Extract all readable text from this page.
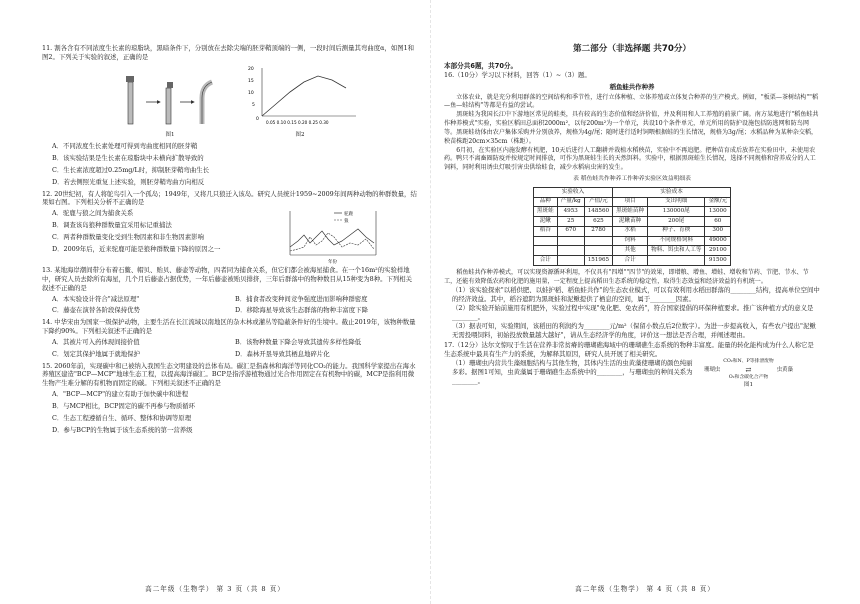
11. 割各含有不同浓度生长素的琼脂块，黑暗条件下，分别放在去除尖端的胚芽鞘顶端的一侧，一段时间后测量其弯曲度α，如图1和图2。下列关于实验的叙述，正确的是
图1
20
15
10
5
0
0.05 0.10 0.15 0.20 0.25 0.30
图2
A．不同浓度生长素处理可得到弯曲度相同的胚芽鞘
B．该实验结果是生长素在琼脂块中未横向扩散导致的
C．生长素浓度超过0.25mg/L时，抑制胚芽鞘弯曲生长
D．若去侧照光重复上述实验，则胚芽鞘弯曲方向相反
12. 20世纪初，有人将鸵鸟引入一个孤岛；1949年，又将几只狼迁入该岛。研究人员统计1959~2009年间两种动物的种群数量，结果如右图。下列相关分析不正确的是
A．驼鹿与狼之间为捕食关系
B．调查该岛狼种群数量宜采用标记重捕法
C．两者种群数量变化受到生物因素和非生物因素影响
D．2009年后，近来驼鹿可能是狼种群数量下降的原因之一
驼鹿
狼
年份
13. 某地海岸潮间带分布着石鳖、帽贝、贻贝、藤壶等动物，四者同为捕食关系，但它们都会被海星捕食。在一个16m²的实验样地中，研究人员去除所有海星，几个月后藤壶占据优势，一年后藤壶被贻贝排挤，三年后群落中的物种数目从15种变为8种。下列相关叙述不正确的是
A．本实验设计符合"减法原理"	B．捕食者改变种间竞争强度进而影响种群密度
C．藤壶在演替各阶段保持优势	D．移除海星导致该生态群落的物种丰富度下降
14. 中华宋由为国家一级保护动物，主要生活在长江流域以南地区的杂木林或灌丛等隐蔽条件好的生境中。截止2019年，该物种数量下降约90%。下列相关叙述不正确的是
A．其被片可入药体现间接价值	B．该物种数量下降会导致其遗传多样性降低
C．划定其保护地属于就地保护	D．森林开垦导致其栖息地碎片化
15. 2060年前，实现碳中和已被纳入我国生态文明建设的总体布局。碳汇是指森林和海洋等同化CO₂的能力。我国科学家提出在海水养殖区建造"BCP—MCP"地球生态工程，以提高海洋碳汇。BCP是指浮游植物通过光合作用固定在有机物中的碳，MCP是指利用微生物产生难分解的有机物而固定的碳。下列相关叙述不正确的是
A．"BCP—MCP"的建立有助于加快碳中和进程
B．与MCP相比，BCP固定的碳不再参与物质循环
C．生态工程遵循自生、循环、整体和协调等原理
D．参与BCP的生物属于该生态系统的第一营养级
高二年级（生物学） 第 3 页（共 8 页）
第二部分（非选择题 共70分）
本部分共6题，共70分。
16.（10分）学习以下材料，回答（1）~（3）题。
稻鱼蛙共作种养
立体农业，就是充分利用群落的空间结构和季节性，进行立体种植、立体养殖或立体复合种养的生产模式。例如，"板栗—茶树结构""稻—鱼—蛙结构"等都是有益的尝试。
黑斑蛙为我国长江中下游地区常见的蛙类，具有较高的生态价值和经济价值，并及利用和人工养殖的前景广阔。南方某地进行"稻鱼蛙共作种养模式"实验，实验区稻田总面积2000m²，以每200m²为一个单元，共设10个条件单元，单元所用的防护设施包括防逃网和防鸟网等。黑斑蛙幼体由农户集体采购并分别放养，规格为4g/尾；随时进行适时饲喂根据蛙的生长情况，规格为3g/尾；水稻品种为某种杂交稻，秧苗株距20cm×35cm（株距）。
6月初，在实验区内施发酵有机肥，10天后进行人工翻耕并栽植水稻秧苗，实验中不再追肥。把种苗育成后放养在实验田中，未使用农药。鸭只不离畜圈防疫并按规定时间排放，可作为黑斑蛙生长的天然饵料。实验中，根据黑斑蛙生长情况，选择不同规格和营养成分的人工饲料，同时利用诱虫灯吸引害虫供给蛙食，减少水稻病虫害的发生。
表 稻鱼蛙共作种养工作种养实验区效益明细表
实验收入			实验成本		
品种	产量/kg	产值/元	项目	支出明细	金额/元
黑斑蛙	4953	148560	黑斑蛙苗种	130000尾	13000
泥鳅	25	625	泥鳅苗种	200尾	60
稻谷	670	2780	水稻	种子、育秧	300
			饲料	不同规格饲料	49000
			其他	物料、饵虫和人工等	29100
合计		151965	合计		91500
稻鱼蛙共作种养模式，可以实现资源循环利用，不仅具有"四增""四节"的效果，即增粮、增鱼、增蛙、增收和节药、节肥、节水、节工，还能有效降低农药和化肥的施用量，一定程度上提高稻田生态系统的稳定性，取得生态效益和经济效益的有机统一。
（1）该实验探索"以稻供肥、以蛙护稻、稻鱼蛙共作"的生态农业模式，可以有效利用水稻田群落的________结构，提高单位空间中的经济效益。其中，稻谷遮阴为黑斑蛙和泥鳅提供了栖息的空间，属于________因素。
（2）除实验开始前施用有机肥外，实验过程中实现"免化肥、免农药"，符合国家提倡的环保种植要求。推广该种植方式的意义是________。
（3）据表可知，实验期间，该稻田的利润约为________元/m²（保留小数点后2位数字）。为进一步提高收入，有些农户提出"泥鳅无需投喂饲料，初始投放数量越大越好"，请从生态经济学的角度，评价这一想法是否合理，并阐述理由。
17.（12分）达尔文惊叹于生活在营养非常贫瘠的珊瑚礁海域中的珊瑚礁生态系统的物种丰富度。能量的转化能构成为什么人称它是生态系统中最具有生产力的系统，为解释其原因，研究人员开展了相关研究。
（1）珊瑚虫内营共生藻细胞结构与其他生物，其体内生活的虫黄藻使珊瑚的颜色纯丽多彩。据图1可知，虫黄藻属于珊瑚礁生态系统中的________，与珊瑚虫的种间关系为________。
珊瑚虫
CO₂和N、P等排泄废物
⇄
O₂和含碳化合产物
虫黄藻
图1
高二年级（生物学） 第 4 页（共 8 页）
